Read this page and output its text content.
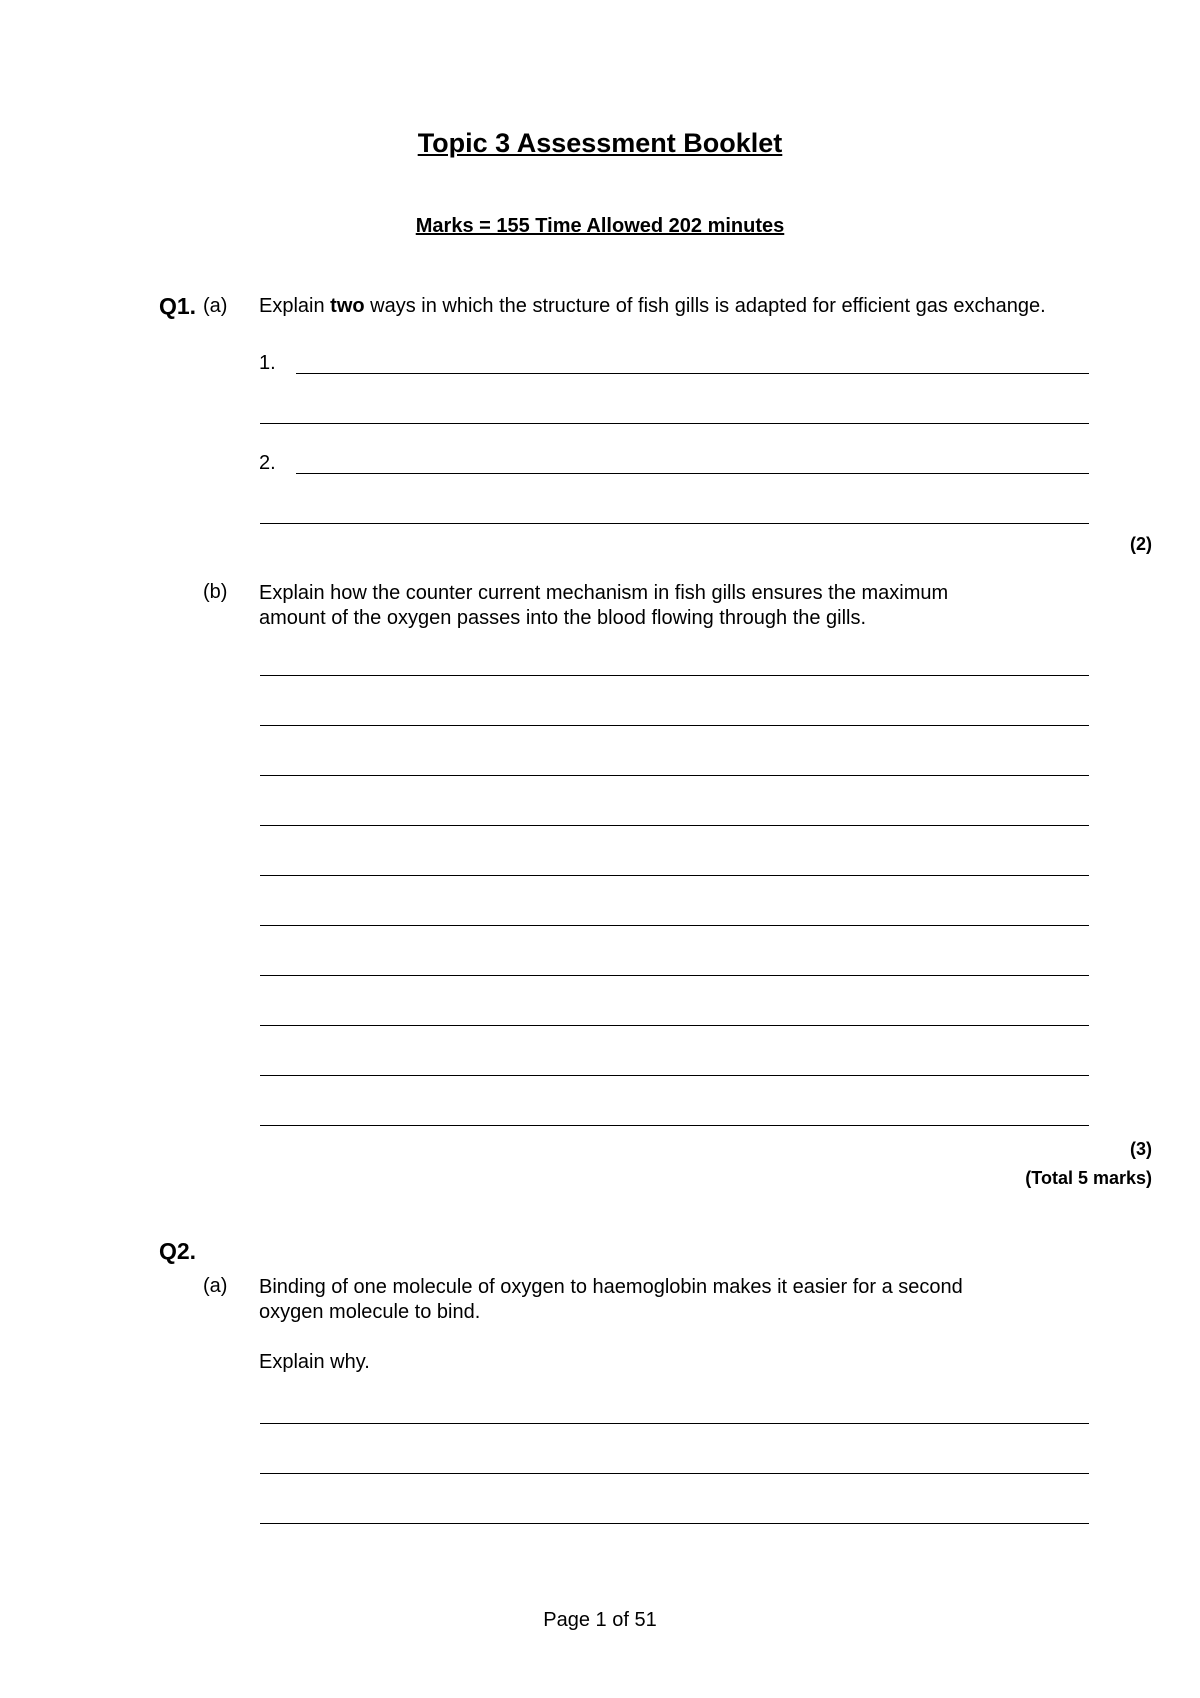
Topic 3 Assessment Booklet
Marks = 155 Time Allowed 202 minutes
Q1. (a) Explain two ways in which the structure of fish gills is adapted for efficient gas exchange.
1.
2.
(2)
(b) Explain how the counter current mechanism in fish gills ensures the maximum
amount of the oxygen passes into the blood flowing through the gills.
(3)
(Total 5 marks)
Q2.
(a) Binding of one molecule of oxygen to haemoglobin makes it easier for a second
oxygen molecule to bind.
Explain why.
Page 1 of 51
